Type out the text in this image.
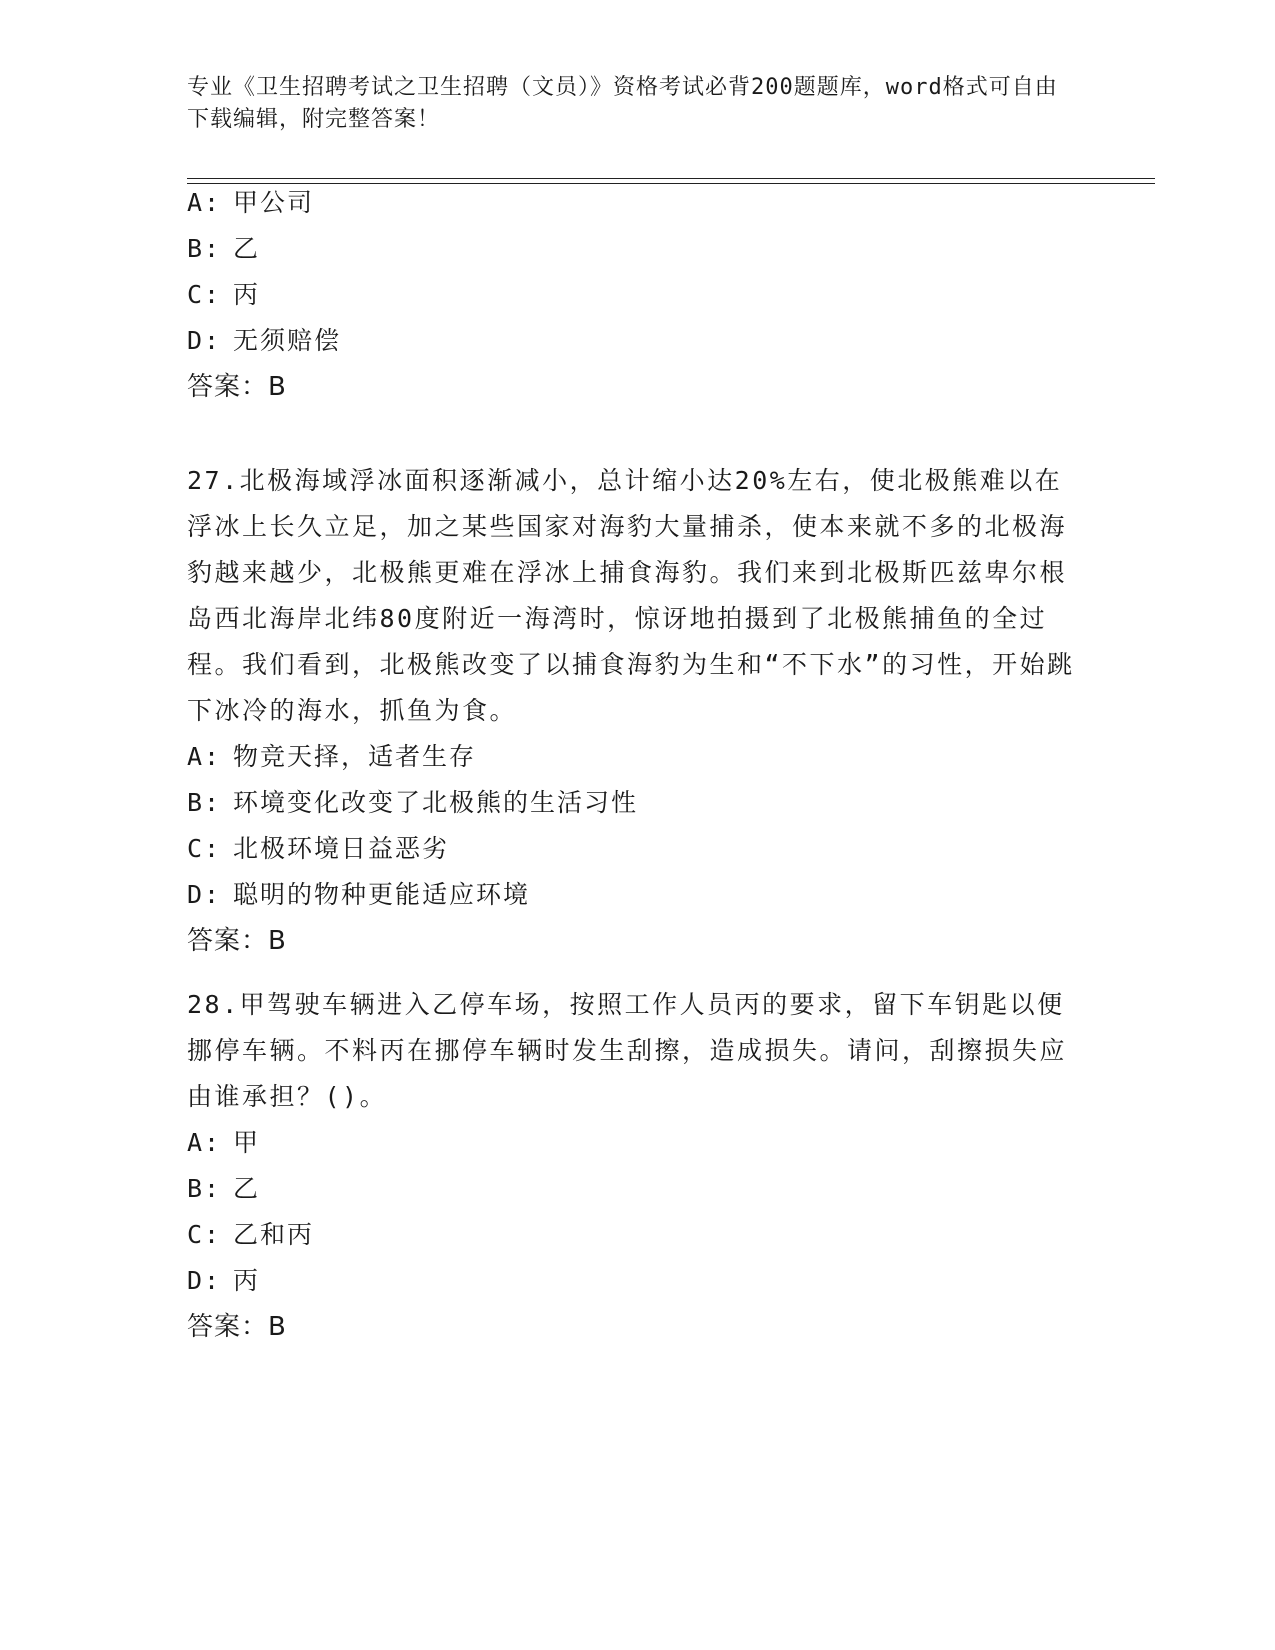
专业《卫生招聘考试之卫生招聘（文员）》资格考试必背200题题库，word格式可自由下载编辑，附完整答案！
A: 甲公司
B: 乙
C: 丙
D: 无须赔偿
答案：B

27.北极海域浮冰面积逐渐减小，总计缩小达20%左右，使北极熊难以在浮冰上长久立足，加之某些国家对海豹大量捕杀，使本来就不多的北极海豹越来越少，北极熊更难在浮冰上捕食海豹。我们来到北极斯匹兹卑尔根岛西北海岸北纬80度附近一海湾时，惊讶地拍摄到了北极熊捕鱼的全过程。我们看到，北极熊改变了以捕食海豹为生和“不下水”的习性，开始跳下冰冷的海水，抓鱼为食。

A: 物竞天择，适者生存
B: 环境变化改变了北极熊的生活习性
C: 北极环境日益恶劣
D: 聪明的物种更能适应环境
答案：B

28.甲驾驶车辆进入乙停车场，按照工作人员丙的要求，留下车钥匙以便挪停车辆。不料丙在挪停车辆时发生刮擦，造成损失。请问，刮擦损失应由谁承担？()。

A: 甲
B: 乙
C: 乙和丙
D: 丙
答案：B
